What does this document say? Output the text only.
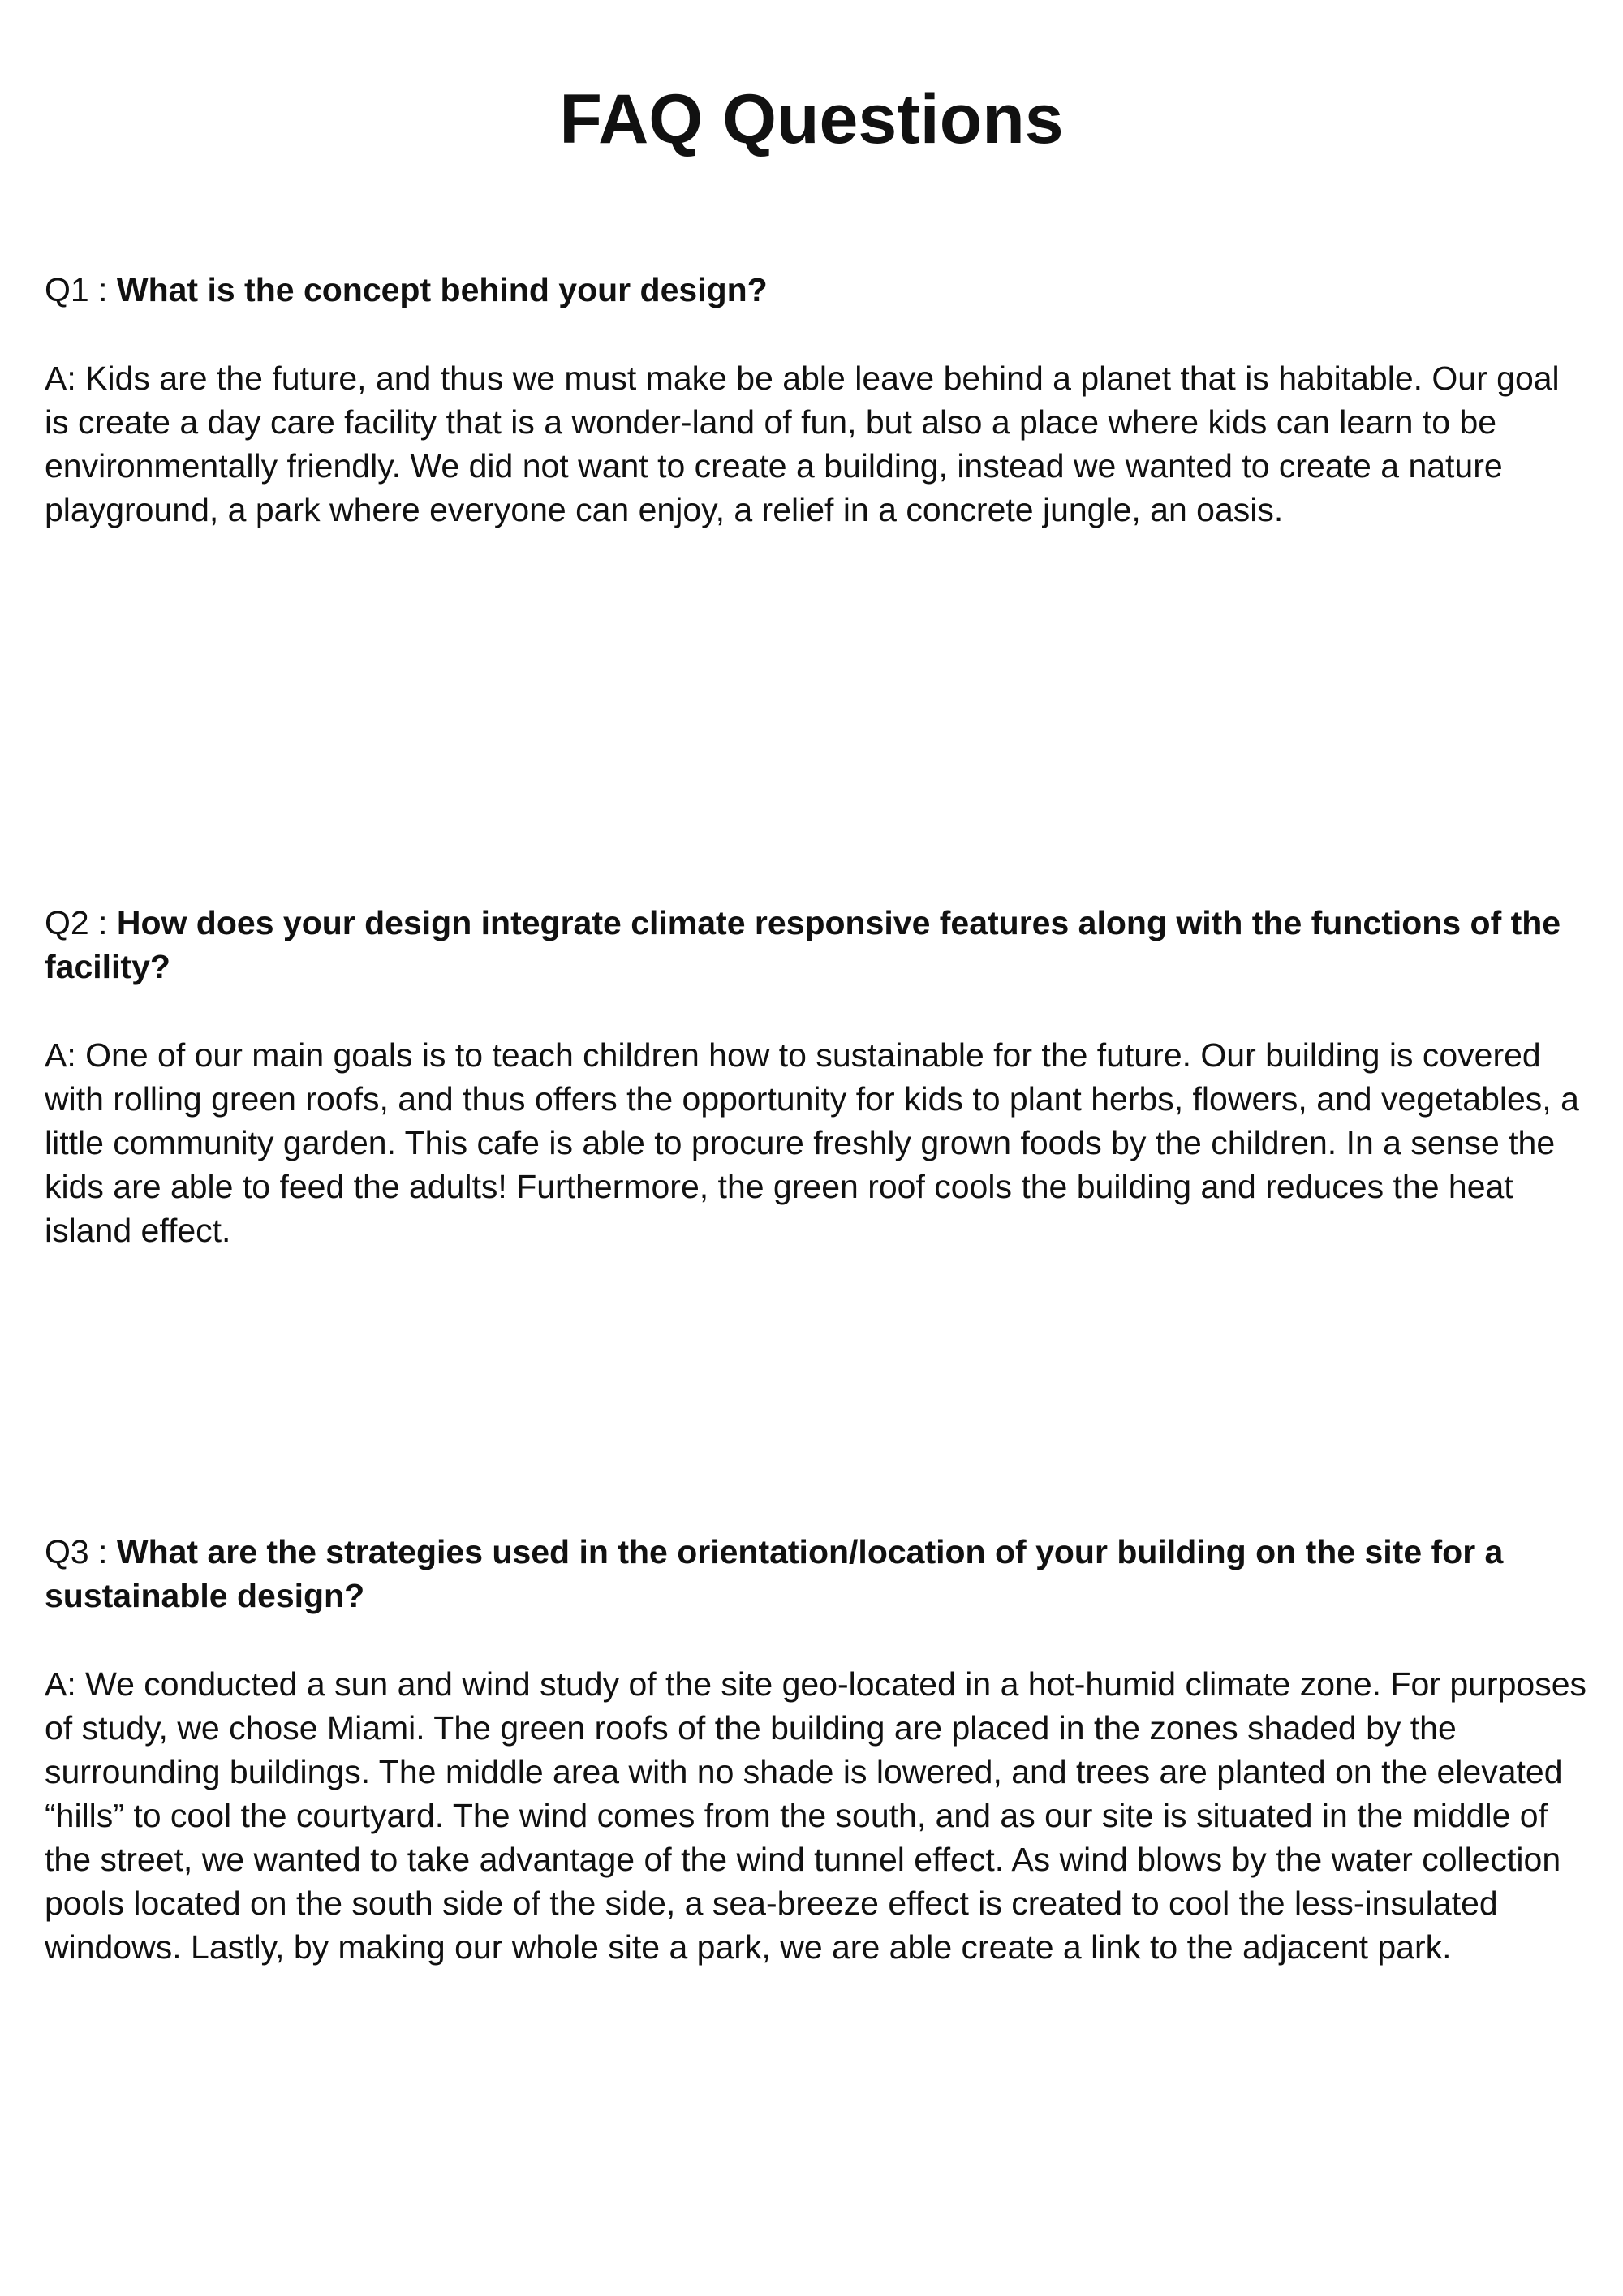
FAQ Questions

Q1 : What is the concept behind your design?

A: Kids are the future, and thus we must make be able leave behind a planet that is habitable. Our goal is create a day care facility that is a wonder-land of fun, but also a place where kids can learn to be environmentally friendly. We did not want to create a building, instead we wanted to create a nature playground, a park where everyone can enjoy, a relief in a concrete jungle, an oasis.

Q2 : How does your design integrate climate responsive features along with the functions of the facility?

A: One of our main goals is to teach children how to sustainable for the future. Our building is covered with rolling green roofs, and thus offers the opportunity for kids to plant herbs, flowers, and vegetables, a little community garden. This cafe is able to procure freshly grown foods by the children. In a sense the kids are able to feed the adults! Furthermore, the green roof cools the building and reduces the heat island effect.

Q3 : What are the strategies used in the orientation/location of your building on the site for a sustainable design?

A: We conducted a sun and wind study of the site geo-located in a hot-humid climate zone. For purposes of study, we chose Miami. The green roofs of the building are placed in the zones shaded by the surrounding buildings. The middle area with no shade is lowered, and trees are planted on the elevated “hills” to cool the courtyard. The wind comes from the south, and as our site is situated in the middle of the street, we wanted to take advantage of the wind tunnel effect. As wind blows by the water collection pools located on the south side of the side, a sea-breeze effect is created to cool the less-insulated windows. Lastly, by making our whole site a park, we are able create a link to the adjacent park.
